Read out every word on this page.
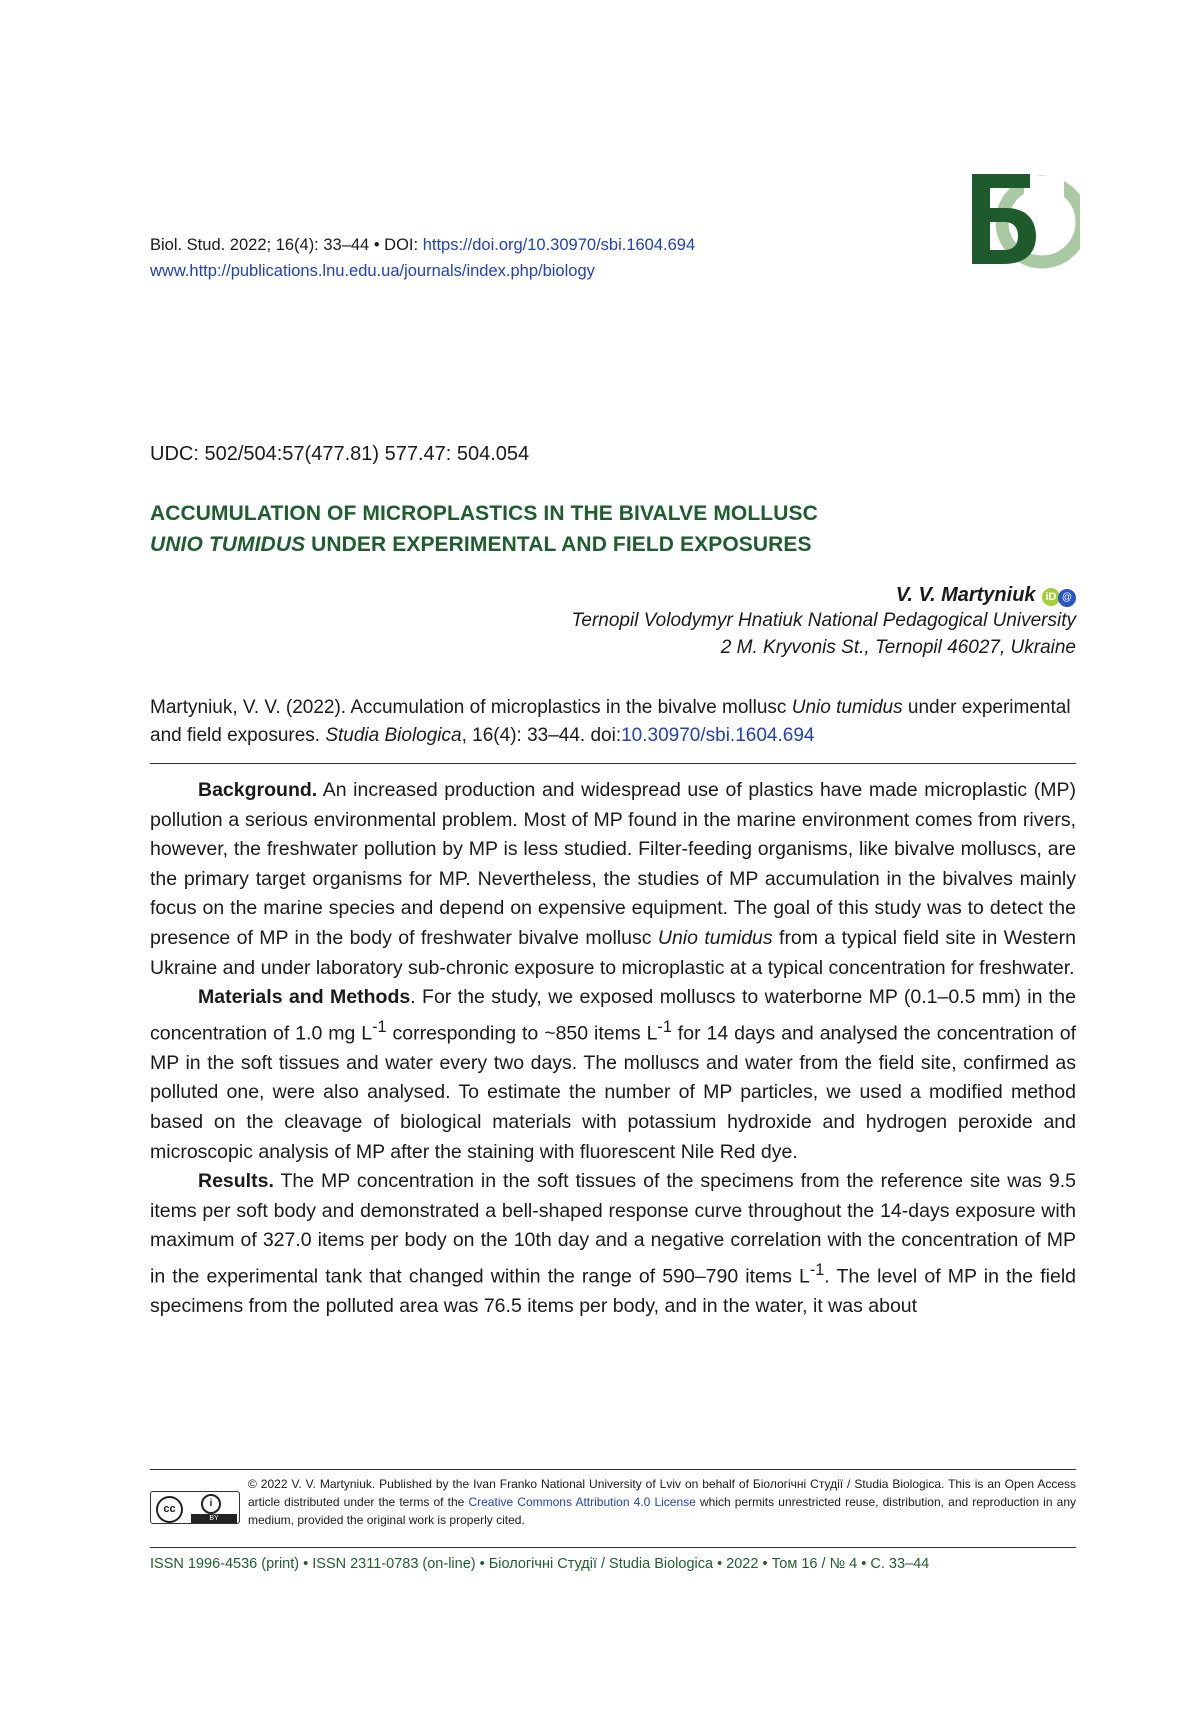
Biol. Stud. 2022; 16(4): 33–44 • DOI: https://doi.org/10.30970/sbi.1604.694
www.http://publications.lnu.edu.ua/journals/index.php/biology
UDC: 502/504:57(477.81) 577.47: 504.054
ACCUMULATION OF MICROPLASTICS IN THE BIVALVE MOLLUSC
UNIO TUMIDUS UNDER EXPERIMENTAL AND FIELD EXPOSURES
V. V. Martyniuk iD @
Ternopil Volodymyr Hnatiuk National Pedagogical University
2 M. Kryvonis St., Ternopil 46027, Ukraine
Martyniuk, V. V. (2022). Accumulation of microplastics in the bivalve mollusc Unio tumidus under experimental and field exposures. Studia Biologica, 16(4): 33–44. doi:10.30970/sbi.1604.694

Background. An increased production and widespread use of plastics have made microplastic (MP) pollution a serious environmental problem. Most of MP found in the marine environment comes from rivers, however, the freshwater pollution by MP is less studied. Filter-feeding organisms, like bivalve molluscs, are the primary target organisms for MP. Nevertheless, the studies of MP accumulation in the bivalves mainly focus on the marine species and depend on expensive equipment. The goal of this study was to detect the presence of MP in the body of freshwater bivalve mollusc Unio tumidus from a typical field site in Western Ukraine and under laboratory sub-chronic exposure to microplastic at a typical concentration for freshwater.

Materials and Methods. For the study, we exposed molluscs to waterborne MP (0.1–0.5 mm) in the concentration of 1.0 mg $L^{-1}$ corresponding to ~850 items $L^{-1}$ for 14 days and analysed the concentration of MP in the soft tissues and water every two days. The molluscs and water from the field site, confirmed as polluted one, were also analysed. To estimate the number of MP particles, we used a modified method based on the cleavage of biological materials with potassium hydroxide and hydrogen peroxide and microscopic analysis of MP after the staining with fluorescent Nile Red dye.

Results. The MP concentration in the soft tissues of the specimens from the reference site was 9.5 items per soft body and demonstrated a bell-shaped response curve throughout the 14-days exposure with maximum of 327.0 items per body on the 10th day and a negative correlation with the concentration of MP in the experimental tank that changed within the range of 590–790 items $L^{-1}$. The level of MP in the field specimens from the polluted area was 76.5 items per body, and in the water, it was about

cc	i
BY
© 2022 V. V. Martyniuk. Published by the Ivan Franko National University of Lviv on behalf of Біологічні Студії / Studia Biologica. This is an Open Access article distributed under the terms of the Creative Commons Attribution 4.0 License which permits unrestricted reuse, distribution, and reproduction in any medium, provided the original work is properly cited.
ISSN 1996-4536 (print) • ISSN 2311-0783 (on-line) • Біологічні Студії / Studia Biologica • 2022 • Том 16 / № 4 • С. 33–44
